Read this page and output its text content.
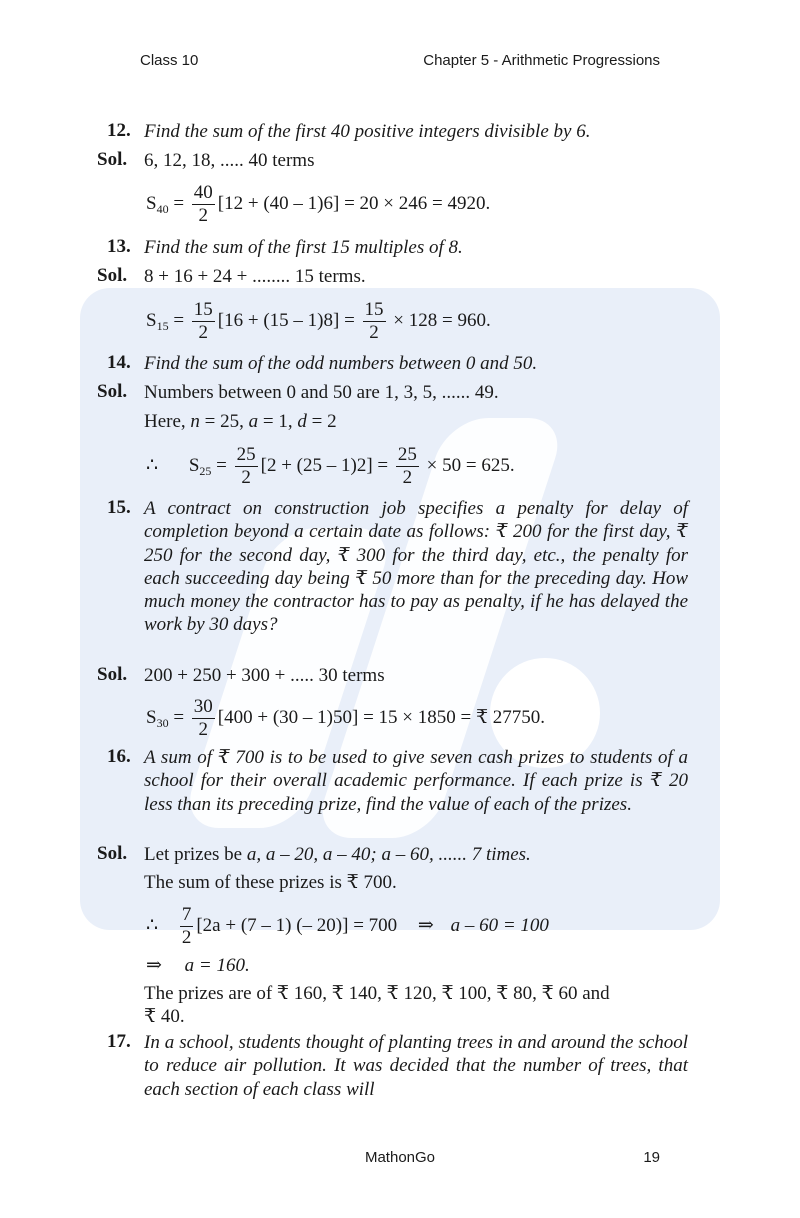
Class 10	Chapter 5 - Arithmetic Progressions
12. Find the sum of the first 40 positive integers divisible by 6.
Sol. 6, 12, 18, ..... 40 terms
$S_{40} = \frac{40}{2} [12 + (40 - 1)6] = 20 \times 246 = 4920$.
13. Find the sum of the first 15 multiples of 8.
Sol. 8 + 16 + 24 + ........ 15 terms.
$S_{15} = \frac{15}{2} [16 + (15 - 1)8] = \frac{15}{2} \times 128 = 960$.
14. Find the sum of the odd numbers between 0 and 50.
Sol. Numbers between 0 and 50 are 1, 3, 5, ...... 49.
Here, n = 25, a = 1, d = 2
∴ $S_{25} = \frac{25}{2} [2 + (25 - 1)2] = \frac{25}{2} \times 50 = 625$.
15. A contract on construction job specifies a penalty for delay of completion beyond a certain date as follows: ₹ 200 for the first day, ₹ 250 for the second day, ₹ 300 for the third day, etc., the penalty for each succeeding day being ₹ 50 more than for the preceding day. How much money the contractor has to pay as penalty, if he has delayed the work by 30 days?
Sol. 200 + 250 + 300 + ..... 30 terms
$S_{30} = \frac{30}{2} [400 + (30 - 1)50] = 15 \times 1850$ = ₹ 27750.
16. A sum of ₹ 700 is to be used to give seven cash prizes to students of a school for their overall academic performance. If each prize is ₹ 20 less than its preceding prize, find the value of each of the prizes.
Sol. Let prizes be a, a – 20, a – 40; a – 60, ...... 7 times.
The sum of these prizes is ₹ 700.
∴ $\frac{7}{2} [2a + (7 - 1)$ (– 20)] = 700 ⇒ a – 60 = 100
⇒ a = 160.
The prizes are of ₹ 160, ₹ 140, ₹ 120, ₹ 100, ₹ 80, ₹ 60 and
₹ 40.
17. In a school, students thought of planting trees in and around the school to reduce air pollution. It was decided that the number of trees, that each section of each class will
MathonGo	19
